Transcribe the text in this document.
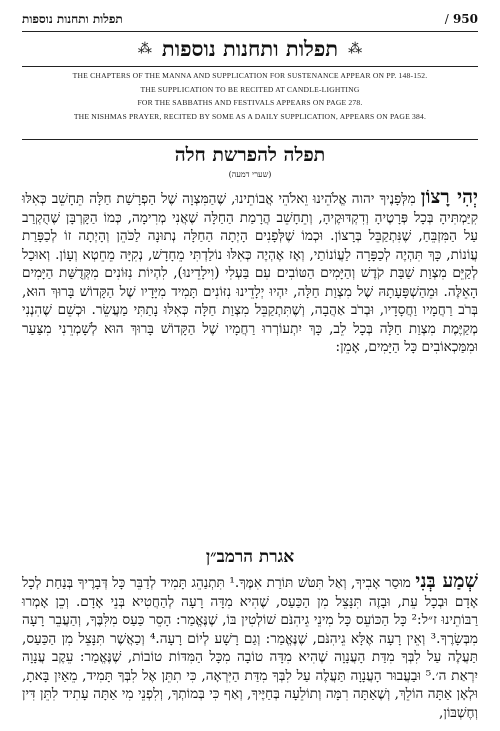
תפלות ותחנות נוספות	/ 950
⁂
תפלות ותחנות נוספות
⁂
THE CHAPTERS OF THE MANNA AND SUPPLICATION FOR SUSTENANCE APPEAR ON PP. 148-152.
THE SUPPLICATION TO BE RECITED AT CANDLE-LIGHTING
FOR THE SABBATHS AND FESTIVALS APPEARS ON PAGE 278.
THE NISHMAS PRAYER, RECITED BY SOME AS A DAILY SUPPLICATION, APPEARS ON PAGE 384.
תפלה להפרשת חלה
(שערי דמעה)
יְהִי רָצוֹן מִלְּפָנֶיךָ יהוה אֱלֹהֵינוּ וֵאלֹהֵי אֲבוֹתֵינוּ, שֶׁהַמִּצְוָה שֶׁל הַפְרָשַׁת חַלָּה תֵּחָשֵׁב כְּאִלּוּ קִיַּמְתִּיהָ בְּכָל פְּרָטֶיהָ וְדִקְדּוּקֶיהָ, וְתֵחָשֵׁב הֲרָמַת הַחַלָּה שֶׁאֲנִי מְרִימָה, כְּמוֹ הַקָּרְבָּן שֶׁהֻקְרַב עַל הַמִּזְבֵּחַ, שֶׁנִּתְקַבֵּל בְּרָצוֹן. וּכְמוֹ שֶׁלְּפָנִים הָיְתָה הַחַלָּה נְתוּנָה לַכֹּהֵן וְהָיְתָה זוֹ לְכַפָּרַת עֲוֹנוֹת, כָּךְ תִּהְיֶה לְכַפָּרָה לַעֲוֹנוֹתַי, וְאָז אֶהְיֶה כְּאִלּוּ נוֹלַדְתִּי מֵחָדָשׁ, נְקִיָּה מֵחֵטְא וְעָוֹן. וְאוּכַל לְקַיֵּם מִצְוַת שַׁבַּת קֹדֶשׁ וְהַיָּמִים הַטּוֹבִים עִם בַּעְלִי (וִילָדֵינוּ), לִהְיוֹת נִזּוֹנִים מִקְּדֻשַּׁת הַיָּמִים הָאֵלֶּה. וּמֵהַשְׁפָּעָתָהּ שֶׁל מִצְוַת חַלָּה, יִהְיוּ יְלָדֵינוּ נִזּוֹנִים תָּמִיד מִיָּדָיו שֶׁל הַקָּדוֹשׁ בָּרוּךְ הוּא, בְּרֹב רַחֲמָיו וַחֲסָדָיו, וּבְרֹב אַהֲבָה, וְשֶׁתִּתְקַבֵּל מִצְוַת חַלָּה כְּאִלּוּ נָתַתִּי מַעֲשֵׂר. וּכְשֵׁם שֶׁהִנְנִי מְקַיֶּמֶת מִצְוַת חַלָּה בְּכָל לֵב, כָּךְ יִתְעוֹרְרוּ רַחֲמָיו שֶׁל הַקָּדוֹשׁ בָּרוּךְ הוּא לְשָׁמְרֵנִי מִצַּעַר וּמִמַּכְאוֹבִים כָּל הַיָּמִים, אָמֵן:
אגרת הרמב״ן
שְׁמַע בְּנִי מוּסַר אָבִיךָ, וְאַל תִּטֹּשׁ תּוֹרַת אִמֶּךָ.¹ תִּתְנַהֵג תָּמִיד לְדַבֵּר כָּל דְּבָרֶיךָ בְּנַחַת לְכָל אָדָם וּבְכָל עֵת, וּבָזֶה תִּנָּצֵל מִן הַכַּעַס, שֶׁהִיא מִדָּה רָעָה לְהַחֲטִיא בְּנֵי אָדָם. וְכֵן אָמְרוּ רַבּוֹתֵינוּ ז״ל:² כָּל הַכּוֹעֵס כָּל מִינֵי גֵיהִנֹּם שׁוֹלְטִין בּוֹ, שֶׁנֶּאֱמַר: הָסֵר כַּעַס מִלִּבֶּךָ, וְהַעֲבֵר רָעָה מִבְּשָׂרֶךָ.³ וְאֵין רָעָה אֶלָּא גֵיהִנֹּם, שֶׁנֶּאֱמַר: וְגַם רָשָׁע לְיוֹם רָעָה.⁴ וְכַאֲשֶׁר תִּנָּצֵל מִן הַכַּעַס, תַּעֲלֶה עַל לִבְּךָ מִדַּת הָעֲנָוָה שֶׁהִיא מִדָּה טוֹבָה מִכָּל הַמִּדּוֹת טוֹבוֹת, שֶׁנֶּאֱמַר: עֵקֶב עֲנָוָה יִרְאַת ה׳.⁵ וּבַעֲבוּר הָעֲנָוָה תַּעֲלֶה עַל לִבְּךָ מִדַּת הַיִּרְאָה, כִּי תִתֵּן אֶל לִבְּךָ תָּמִיד, מֵאַיִן בָּאתָ, וּלְאָן אַתָּה הוֹלֵךְ, וְשֶׁאַתָּה רִמָּה וְתוֹלֵעָה בְּחַיֶּיךָ, וְאַף כִּי בְּמוֹתְךָ, וְלִפְנֵי מִי אַתָּה עָתִיד לִתֵּן דִּין וְחֶשְׁבּוֹן,
